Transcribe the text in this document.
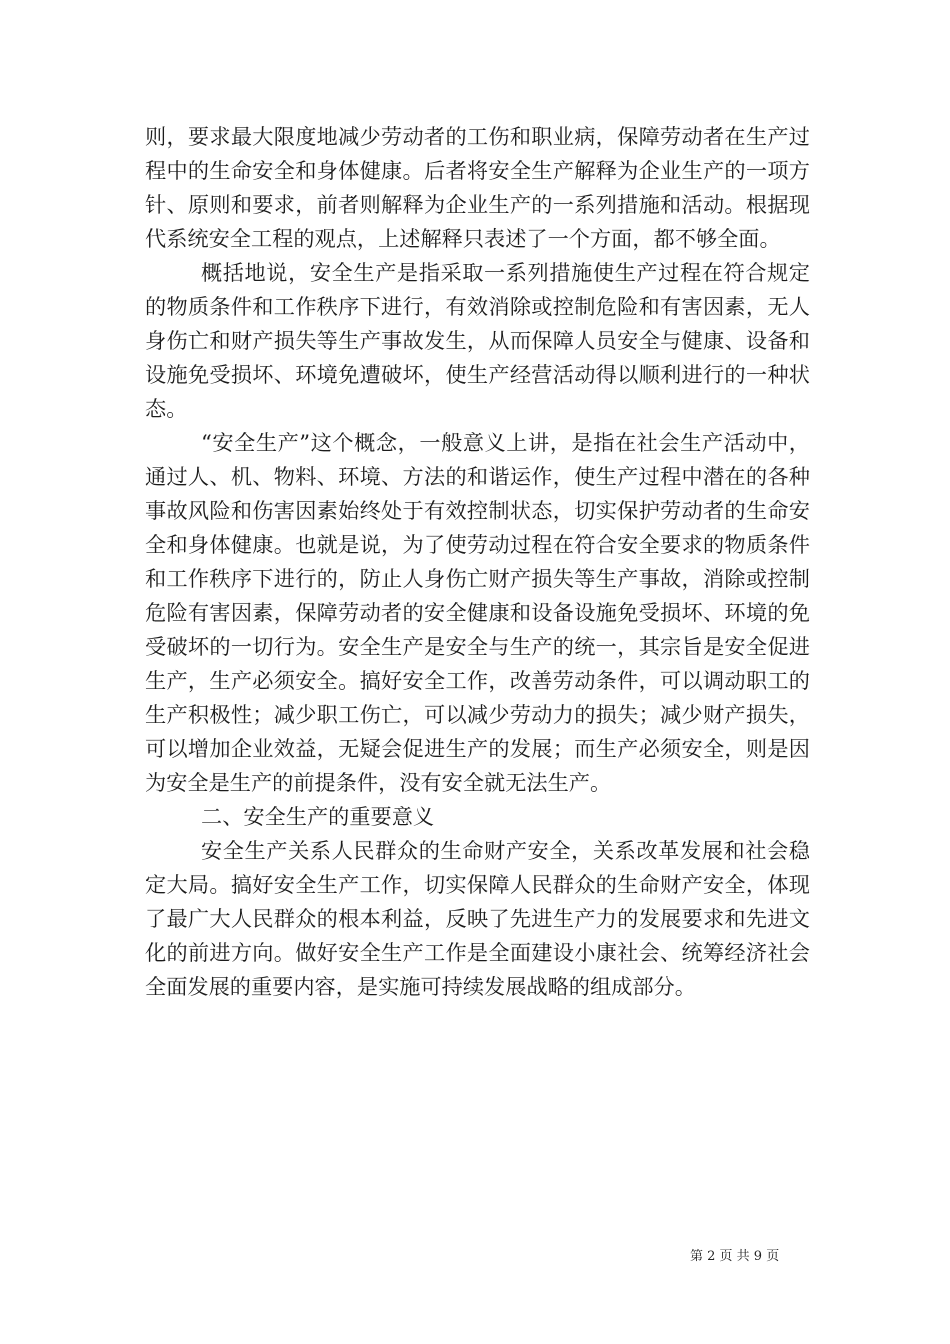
则，要求最大限度地减少劳动者的工伤和职业病，保障劳动者在生产过程中的生命安全和身体健康。后者将安全生产解释为企业生产的一项方针、原则和要求，前者则解释为企业生产的一系列措施和活动。根据现代系统安全工程的观点，上述解释只表述了一个方面，都不够全面。

概括地说，安全生产是指采取一系列措施使生产过程在符合规定的物质条件和工作秩序下进行，有效消除或控制危险和有害因素，无人身伤亡和财产损失等生产事故发生，从而保障人员安全与健康、设备和设施免受损坏、环境免遭破坏，使生产经营活动得以顺利进行的一种状态。

“安全生产”这个概念，一般意义上讲，是指在社会生产活动中，通过人、机、物料、环境、方法的和谐运作，使生产过程中潜在的各种事故风险和伤害因素始终处于有效控制状态，切实保护劳动者的生命安全和身体健康。也就是说，为了使劳动过程在符合安全要求的物质条件和工作秩序下进行的，防止人身伤亡财产损失等生产事故，消除或控制危险有害因素，保障劳动者的安全健康和设备设施免受损坏、环境的免受破坏的一切行为。安全生产是安全与生产的统一，其宗旨是安全促进生产，生产必须安全。搞好安全工作，改善劳动条件，可以调动职工的生产积极性；减少职工伤亡，可以减少劳动力的损失；减少财产损失，可以增加企业效益，无疑会促进生产的发展；而生产必须安全，则是因为安全是生产的前提条件，没有安全就无法生产。

二、安全生产的重要意义

安全生产关系人民群众的生命财产安全，关系改革发展和社会稳定大局。搞好安全生产工作，切实保障人民群众的生命财产安全，体现了最广大人民群众的根本利益，反映了先进生产力的发展要求和先进文化的前进方向。做好安全生产工作是全面建设小康社会、统筹经济社会全面发展的重要内容，是实施可持续发展战略的组成部分。

第 2 页 共 9 页
